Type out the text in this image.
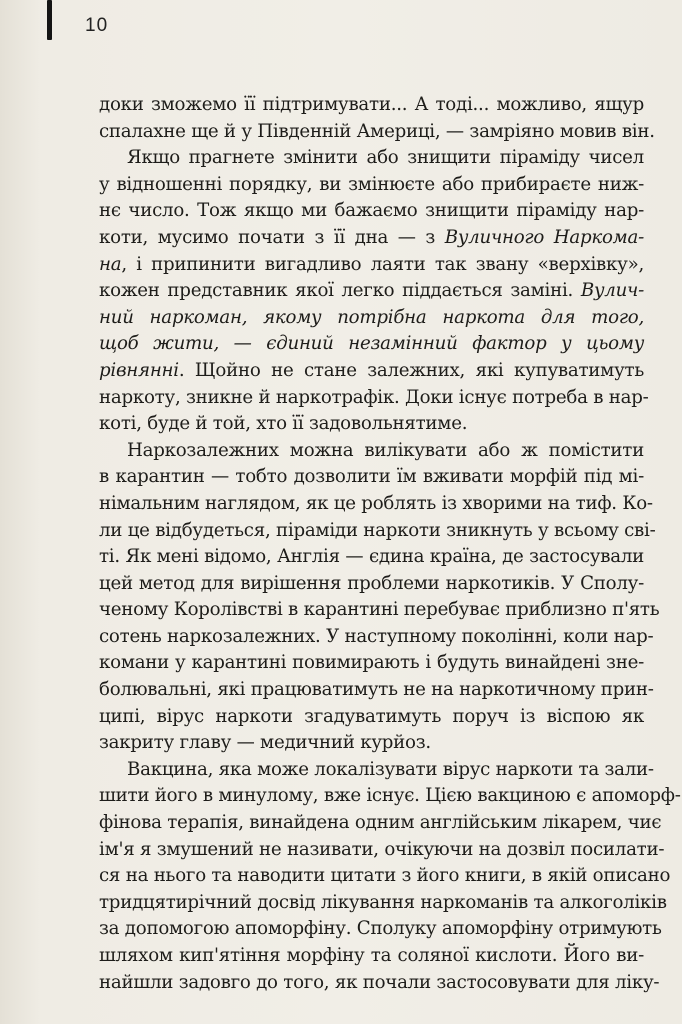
10
доки зможемо її підтримувати... А тоді... можливо, ящур
спалахне ще й у Південній Америці, — замріяно мовив він.
Якщо прагнете змінити або знищити піраміду чисел
у відношенні порядку, ви змінюєте або прибираєте ниж-
нє число. Тож якщо ми бажаємо знищити піраміду нар-
коти, мусимо почати з її дна — з Вуличного Наркома-
на, і припинити вигадливо лаяти так звану «верхівку»,
кожен представник якої легко піддається заміні. Вулич-
ний наркоман, якому потрібна наркота для того,
щоб жити, — єдиний незамінний фактор у цьому
рівнянні. Щойно не стане залежних, які купуватимуть
наркоту, зникне й наркотрафік. Доки існує потреба в нар-
коті, буде й той, хто її задовольнятиме.
Наркозалежних можна вилікувати або ж помістити
в карантин — тобто дозволити їм вживати морфій під мі-
німальним наглядом, як це роблять із хворими на тиф. Ко-
ли це відбудеться, піраміди наркоти зникнуть у всьому сві-
ті. Як мені відомо, Англія — єдина країна, де застосували
цей метод для вирішення проблеми наркотиків. У Сполу-
ченому Королівстві в карантині перебуває приблизно п'ять
сотень наркозалежних. У наступному поколінні, коли нар-
комани у карантині повимирають і будуть винайдені зне-
болювальні, які працюватимуть не на наркотичному прин-
ципі, вірус наркоти згадуватимуть поруч із віспою як
закриту главу — медичний курйоз.
Вакцина, яка може локалізувати вірус наркоти та зали-
шити його в минулому, вже існує. Цією вакциною є апоморф-
фінова терапія, винайдена одним англійським лікарем, чиє
ім'я я змушений не називати, очікуючи на дозвіл посилати-
ся на нього та наводити цитати з його книги, в якій описано
тридцятирічний досвід лікування наркоманів та алкоголіків
за допомогою апоморфіну. Сполуку апоморфіну отримують
шляхом кип'ятіння морфіну та соляної кислоти. Його ви-
найшли задовго до того, як почали застосовувати для ліку-
